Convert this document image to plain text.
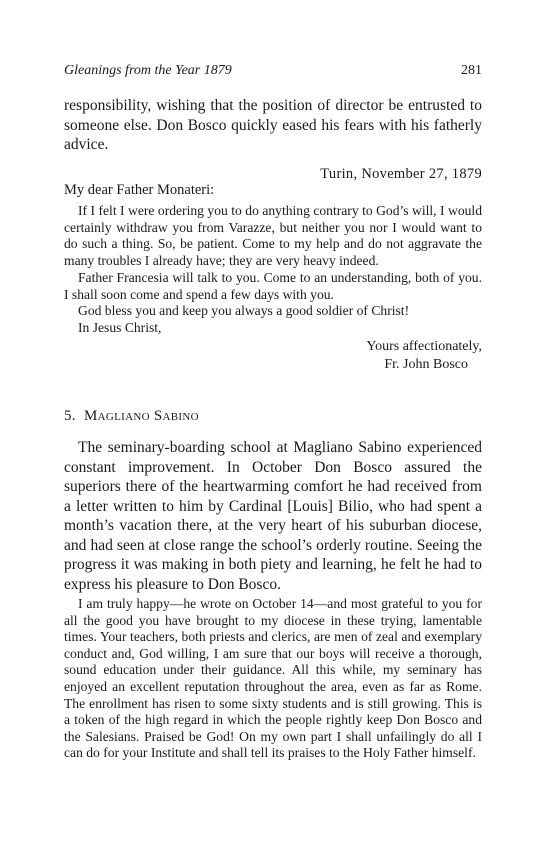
Gleanings from the Year 1879	281

responsibility, wishing that the position of director be entrusted to someone else. Don Bosco quickly eased his fears with his fatherly advice.

Turin, November 27, 1879
My dear Father Monateri:

If I felt I were ordering you to do anything contrary to God’s will, I would certainly withdraw you from Varazze, but neither you nor I would want to do such a thing. So, be patient. Come to my help and do not aggravate the many troubles I already have; they are very heavy indeed.

Father Francesia will talk to you. Come to an understanding, both of you. I shall soon come and spend a few days with you.

God bless you and keep you always a good soldier of Christ!

In Jesus Christ,

Yours affectionately,
Fr. John Bosco
5. Magliano Sabino

The seminary-boarding school at Magliano Sabino experienced constant improvement. In October Don Bosco assured the superiors there of the heartwarming comfort he had received from a letter written to him by Cardinal [Louis] Bilio, who had spent a month’s vacation there, at the very heart of his suburban diocese, and had seen at close range the school’s orderly routine. Seeing the progress it was making in both piety and learning, he felt he had to express his pleasure to Don Bosco.

I am truly happy—he wrote on October 14—and most grateful to you for all the good you have brought to my diocese in these trying, lamentable times. Your teachers, both priests and clerics, are men of zeal and exemplary conduct and, God willing, I am sure that our boys will receive a thorough, sound education under their guidance. All this while, my seminary has enjoyed an excellent reputation throughout the area, even as far as Rome. The enrollment has risen to some sixty students and is still growing. This is a token of the high regard in which the people rightly keep Don Bosco and the Salesians. Praised be God! On my own part I shall unfailingly do all I can do for your Institute and shall tell its praises to the Holy Father himself.
